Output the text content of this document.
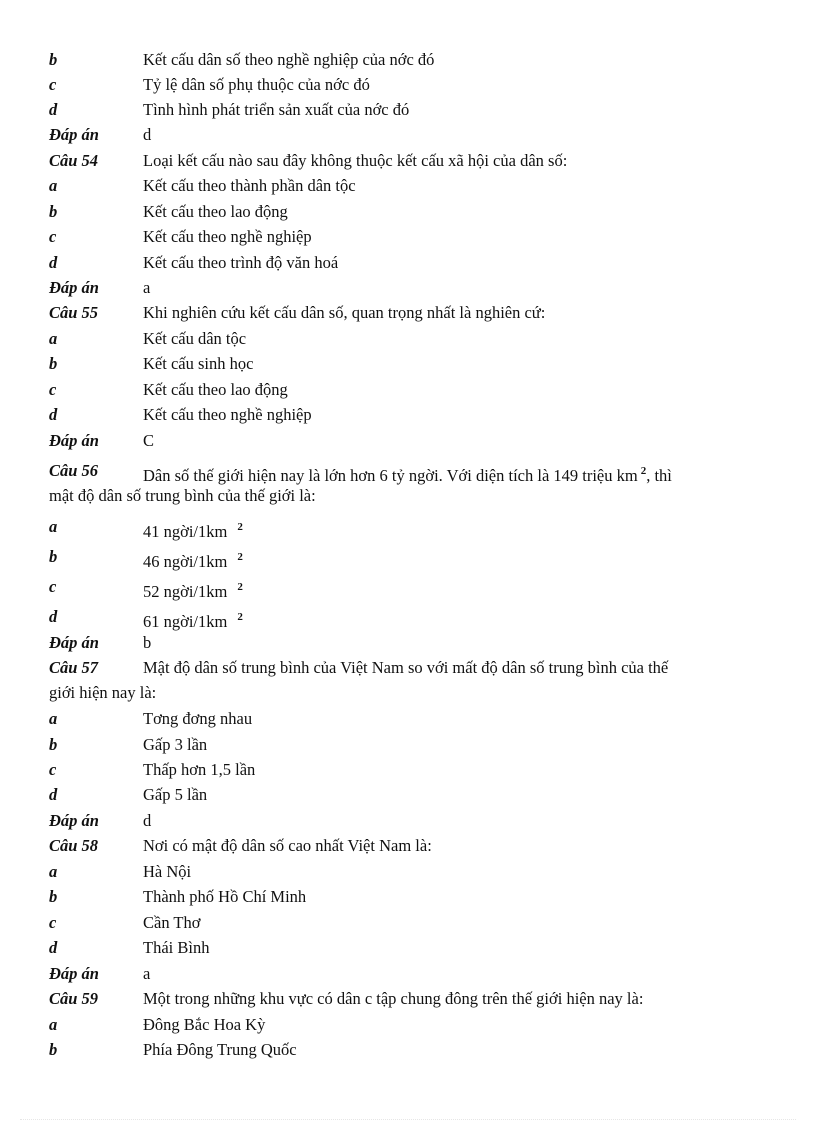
b	Kết cấu dân số theo nghề nghiệp của nớc đó
c	Tỷ lệ dân số phụ thuộc của nớc đó
d	Tình hình phát triển sản xuất của nớc đó
Đáp án	d
Câu 54	Loại kết cấu nào sau đây không thuộc kết cấu xã hội của dân số:
a	Kết cấu theo thành phần dân tộc
b	Kết cấu theo lao động
c	Kết cấu theo nghề nghiệp
d	Kết cấu theo trình độ văn hoá
Đáp án	a
Câu 55	Khi nghiên cứu kết cấu dân số, quan trọng nhất là nghiên cứ:
a	Kết cấu dân tộc
b	Kết cấu sinh học
c	Kết cấu theo lao động
d	Kết cấu theo nghề nghiệp
Đáp án	C
Câu 56	Dân số thế giới hiện nay là lớn hơn 6 tỷ ngời. Với diện tích là 149 triệu km $^2$, thì
mật độ dân số trung bình của thế giới là:
a	41 ngời/1km $^2$
b	46 ngời/1km $^2$
c	52 ngời/1km $^2$
d	61 ngời/1km $^2$
Đáp án	b
Câu 57	Mật độ dân số trung bình của Việt Nam so với mất độ dân số trung bình của thế
giới hiện nay là:
a	Tơng đơng nhau
b	Gấp 3 lần
c	Thấp hơn 1,5 lần
d	Gấp 5 lần
Đáp án	d
Câu 58	Nơi có mật độ dân số cao nhất Việt Nam là:
a	Hà Nội
b	Thành phố Hồ Chí Minh
c	Cần Thơ
d	Thái Bình
Đáp án	a
Câu 59	Một trong những khu vực có dân c tập chung đông trên thế giới hiện nay là:
a	Đông Bắc Hoa Kỳ
b	Phía Đông Trung Quốc
